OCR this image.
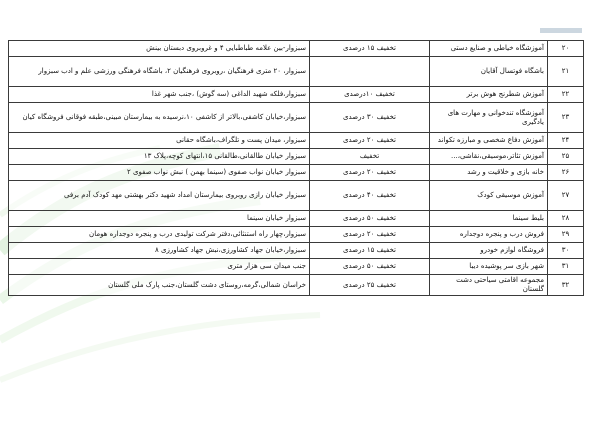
۲۰	آموزشگاه خیاطی و صنایع دستی	تخفیف ۱۵ درصدی	سبزوار-بین علامه طباطبایی ۴ و غروبروی دبستان بینش
۲۱	باشگاه فوتسال آقایان		سبزوار، ۲۰ متری فرهنگیان ،روبروی فرهنگیان ۲، باشگاه فرهنگی ورزشی علم و ادب سبزوار
۲۲	آموزش شطرنج هوش برتر	تخفیف ۱۰درصدی	سبزوار،فلکه شهید الداغی (سه گوش) ،جنب شهر غذا
۲۳	آموزشگاه تندخوانی و مهارت های یادگیری	تخفیف ۳۰ درصدی	سبزوار،خیابان کاشفی،بالاتر از کاشفی ۱۰،نرسیده به بیمارستان مبینی،طبقه فوقانی فروشگاه کیان
۲۴	آموزش دفاع شخصی و مبارزه تکواند	تخفیف ۲۰ درصدی	سبزوار، میدان پست و تلگراف،باشگاه حقانی
۲۵	آموزش تئاتر،موسیقی،نقاشی،...	تخفیف	سبزوار خیابان طالقانی،طالقانی ۱۵،انتهای کوچه،پلاک ۱۳
۲۶	خانه بازی و خلاقیت و رشد	تخفیف ۲۰ درصدی	سبزوار خیابان نواب صفوی (سینما بهمن ) نبش نواب صفوی ۲
۲۷	آموزش موسیقی کودک	تخفیف ۴۰ درصدی	سبزوار خیابان رازی روبروی بیمارستان امداد شهید دکتر بهشتی مهد کودک آدم برفی
۲۸	بلیط سینما	تخفیف ۵۰ درصدی	سبزوار خیابان سینما
۲۹	فروش درب و پنجره دوجداره	تخفیف ۲۰ درصدی	سبزوار،چهار راه استنثائی،دفتر شرکت تولیدی درب و پنجره دوجداره هومان
۳۰	فروشگاه لوازم خودرو	تخفیف ۱۵ درصدی	سبزوار،خیابان جهاد کشاورزی،نبش جهاد کشاورزی ۸
۳۱	شهر بازی سر پوشیده دیبا	تخفیف ۵۰ درصدی	جنب میدان سی هزار متری
۳۲	مجموعه اقامتی سیاحتی دشت گلستان	تخفیف ۲۵ درصدی	خراسان شمالی،گرمه،روستای دشت گلستان،جنب پارک ملی گلستان
